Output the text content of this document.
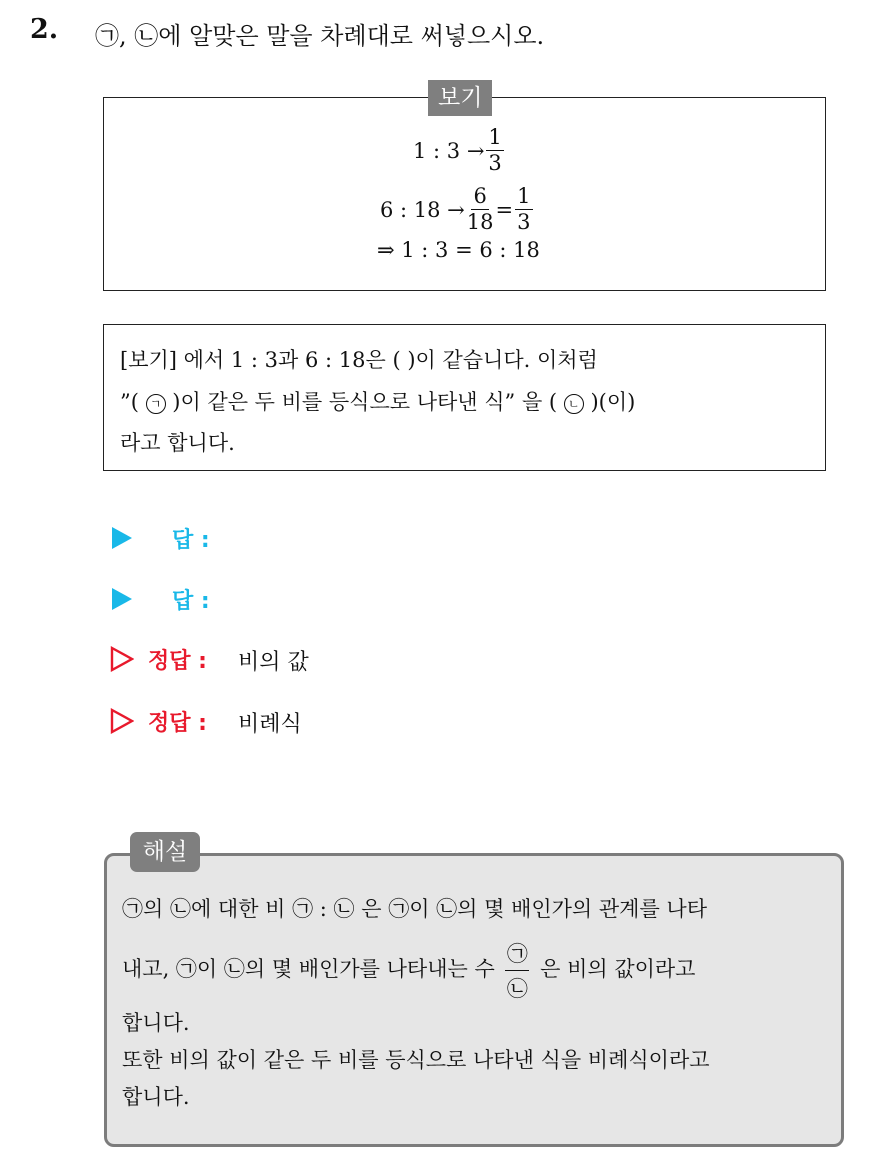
2. ㉠, ㉡에 알맞은 말을 차례대로 써넣으시오.
보기
1 : $3 \to \frac{1}{3}$
6 : $18 \to \frac{6}{18} = \frac{1}{3}$
⇒ 1 : 3 = 6 : 18
[보기] 에서 1 : 3과 6 : 18은 ( )이 같습니다. 이처럼
”( ㄱ )이 같은 두 비를 등식으로 나타낸 식” 을 ( ㄴ )(이)
라고 합니다.
답 :
답 :
정답 : 비의 값
정답 : 비례식
해설
㉠의 ㉡에 대한 비 ㉠ : ㉡ 은 ㉠이 ㉡의 몇 배인가의 관계를 나타
내고, ㉠이 ㉡의 몇 배인가를 나타내는 수
㉠
㉡
은 비의 값이라고
합니다.
또한 비의 값이 같은 두 비를 등식으로 나타낸 식을 비례식이라고
합니다.
